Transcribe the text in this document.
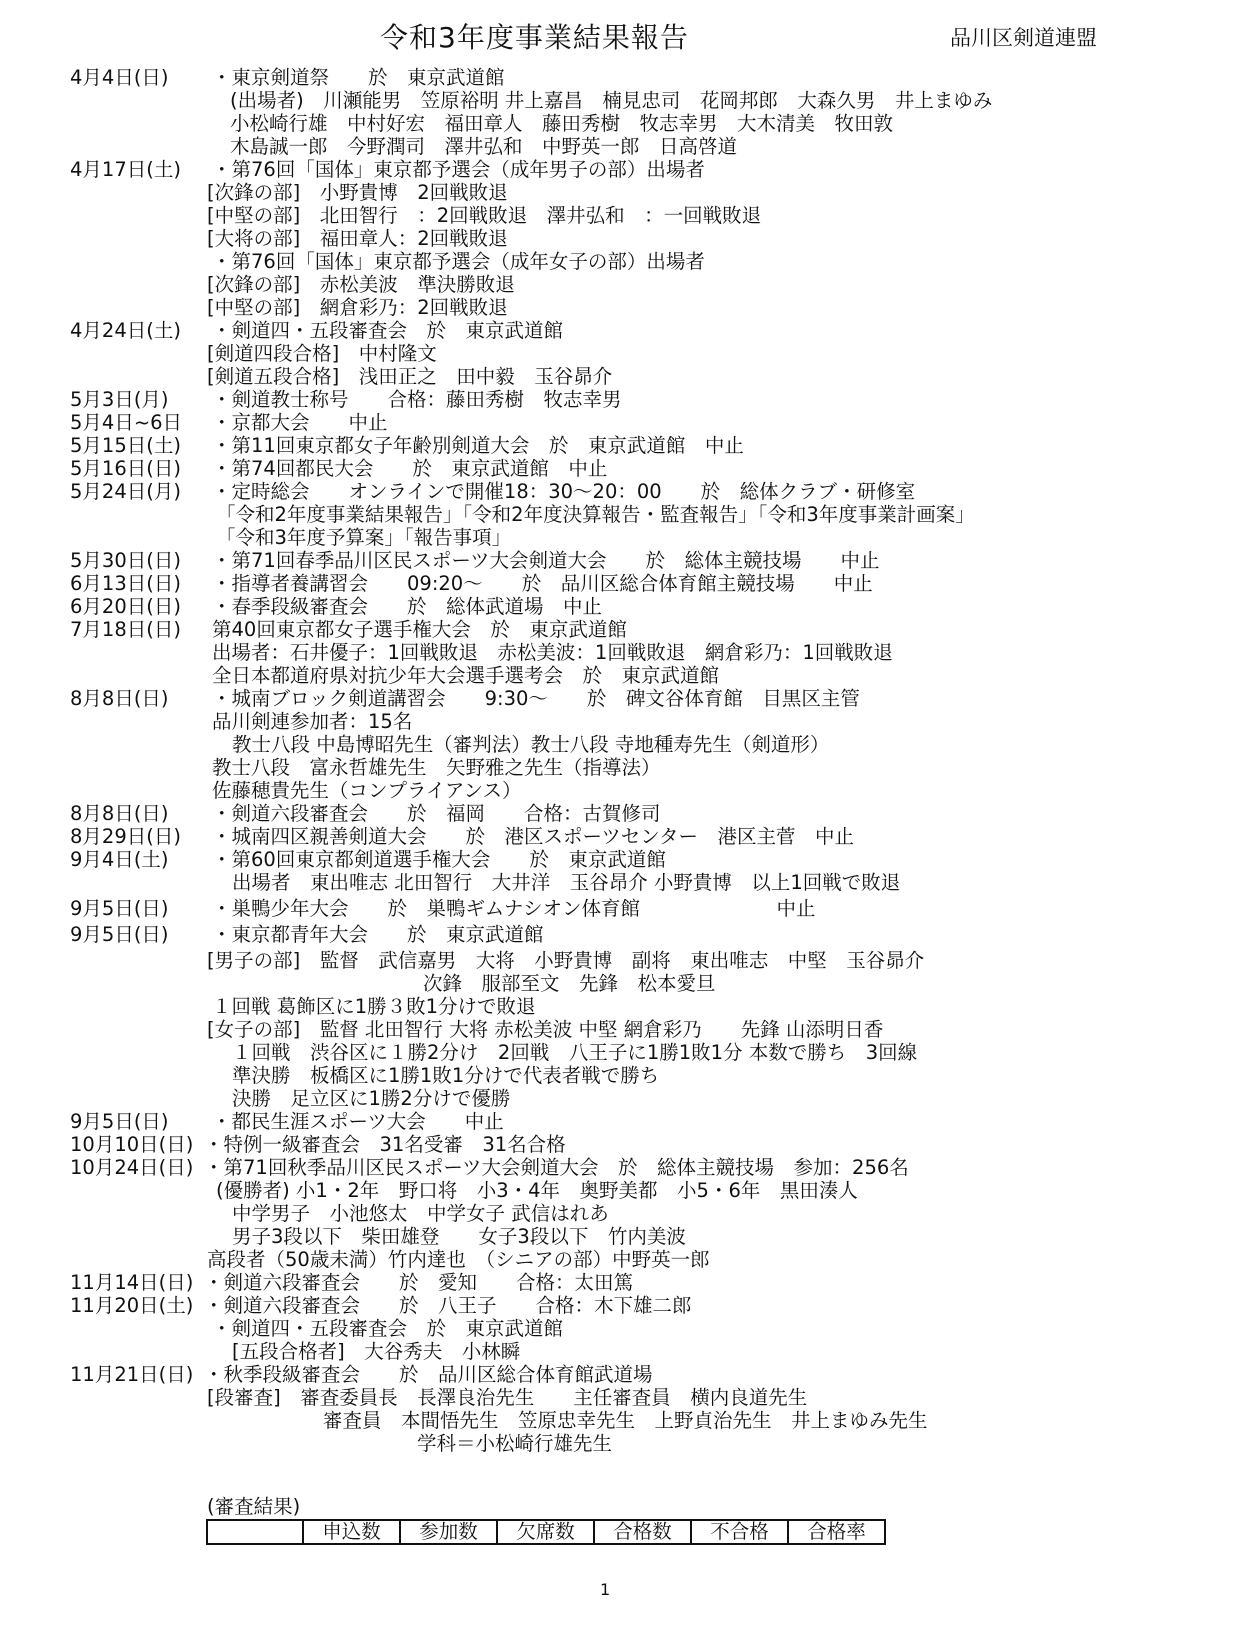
令和3年度事業結果報告	品川区剣道連盟
4月4日(日) ・東京剣道祭　　於　東京武道館
(出場者)　川瀬能男　笠原裕明 井上嘉昌　楠見忠司　花岡邦郎　大森久男　井上まゆみ
小松崎行雄　中村好宏　福田章人　藤田秀樹　牧志幸男　大木清美　牧田敦
木島誠一郎　今野潤司　澤井弘和　中野英一郎　日高啓道
4月17日(土) ・第76回「国体」東京都予選会（成年男子の部）出場者
[次鋒の部]　小野貴博　2回戦敗退
[中堅の部]　北田智行　：2回戦敗退　澤井弘和　：一回戦敗退
[大将の部]　福田章人：2回戦敗退
・第76回「国体」東京都予選会（成年女子の部）出場者
[次鋒の部]　赤松美波　準決勝敗退
[中堅の部]　網倉彩乃：2回戦敗退
4月24日(土) ・剣道四・五段審査会　於　東京武道館
[剣道四段合格]　中村隆文
[剣道五段合格]　浅田正之　田中毅　玉谷昴介
5月3日(月) ・剣道教士称号　　合格：藤田秀樹　牧志幸男
5月4日~6日 ・京都大会　　中止
5月15日(土) ・第11回東京都女子年齢別剣道大会　於　東京武道館　中止
5月16日(日) ・第74回都民大会　　於　東京武道館　中止
5月24日(月) ・定時総会　　オンラインで開催18：30～20：00　　於　総体クラブ・研修室
「令和2年度事業結果報告」「令和2年度決算報告・監査報告」「令和3年度事業計画案」
「令和3年度予算案」「報告事項」
5月30日(日) ・第71回春季品川区民スポーツ大会剣道大会　　於　総体主競技場　　中止
6月13日(日) ・指導者養講習会　　09:20～　　於　品川区総合体育館主競技場　　中止
6月20日(日) ・春季段級審査会　　於　総体武道場　中止
7月18日(日) 第40回東京都女子選手権大会　於　東京武道館
出場者：石井優子：1回戦敗退　赤松美波：1回戦敗退　網倉彩乃：1回戦敗退
全日本都道府県対抗少年大会選手選考会　於　東京武道館
8月8日(日) ・城南ブロック剣道講習会　　9:30～　　於　碑文谷体育館　目黒区主管
品川剣連参加者：15名
教士八段 中島博昭先生（審判法）教士八段 寺地種寿先生（剣道形）
教士八段　富永哲雄先生　矢野雅之先生（指導法）
佐藤穂貴先生（コンプライアンス）
8月8日(日) ・剣道六段審査会　　於　福岡　　合格：古賀修司
8月29日(日) ・城南四区親善剣道大会　　於　港区スポーツセンター　港区主菅　中止
9月4日(土) ・第60回東京都剣道選手権大会　　於　東京武道館
出場者　東出唯志 北田智行　大井洋　玉谷昂介 小野貴博　以上1回戦で敗退
9月5日(日) ・巣鴨少年大会　　於　巣鴨ギムナシオン体育館　　　　　　　中止
9月5日(日) ・東京都青年大会　　於　東京武道館
[男子の部]　監督　武信嘉男　大将　小野貴博　副将　東出唯志　中堅　玉谷昴介
次鋒　服部至文　先鋒　松本愛旦
１回戦 葛飾区に1勝３敗1分けで敗退
[女子の部]　監督 北田智行 大将 赤松美波 中堅 網倉彩乃　　先鋒 山添明日香
１回戦　渋谷区に１勝2分け　2回戦　八王子に1勝1敗1分 本数で勝ち　3回線
準決勝　板橋区に1勝1敗1分けで代表者戦で勝ち
決勝　足立区に1勝2分けで優勝
9月5日(日) ・都民生涯スポーツ大会　　中止
10月10日(日) ・特例一級審査会　31名受審　31名合格
10月24日(日) ・第71回秋季品川区民スポーツ大会剣道大会　於　総体主競技場　参加：256名
(優勝者) 小1・2年　野口将　小3・4年　奥野美都　小5・6年　黒田湊人
中学男子　小池悠太　中学女子 武信はれあ
男子3段以下　柴田雄登　　女子3段以下　竹内美波
高段者（50歳未満）竹内達也　（シニアの部）中野英一郎
11月14日(日) ・剣道六段審査会　　於　愛知　　合格：太田篤
11月20日(土) ・剣道六段審査会　　於　八王子　　合格：木下雄二郎
・剣道四・五段審査会　於　東京武道館
[五段合格者]　大谷秀夫　小林瞬
11月21日(日) ・秋季段級審査会　　於　品川区総合体育館武道場
[段審査]　審査委員長　長澤良治先生　　主任審査員　横内良道先生
審査員　本間悟先生　笠原忠幸先生　上野貞治先生　井上まゆみ先生
学科＝小松崎行雄先生
(審査結果)
	申込数	参加数	欠席数	合格数	不合格	合格率
1
